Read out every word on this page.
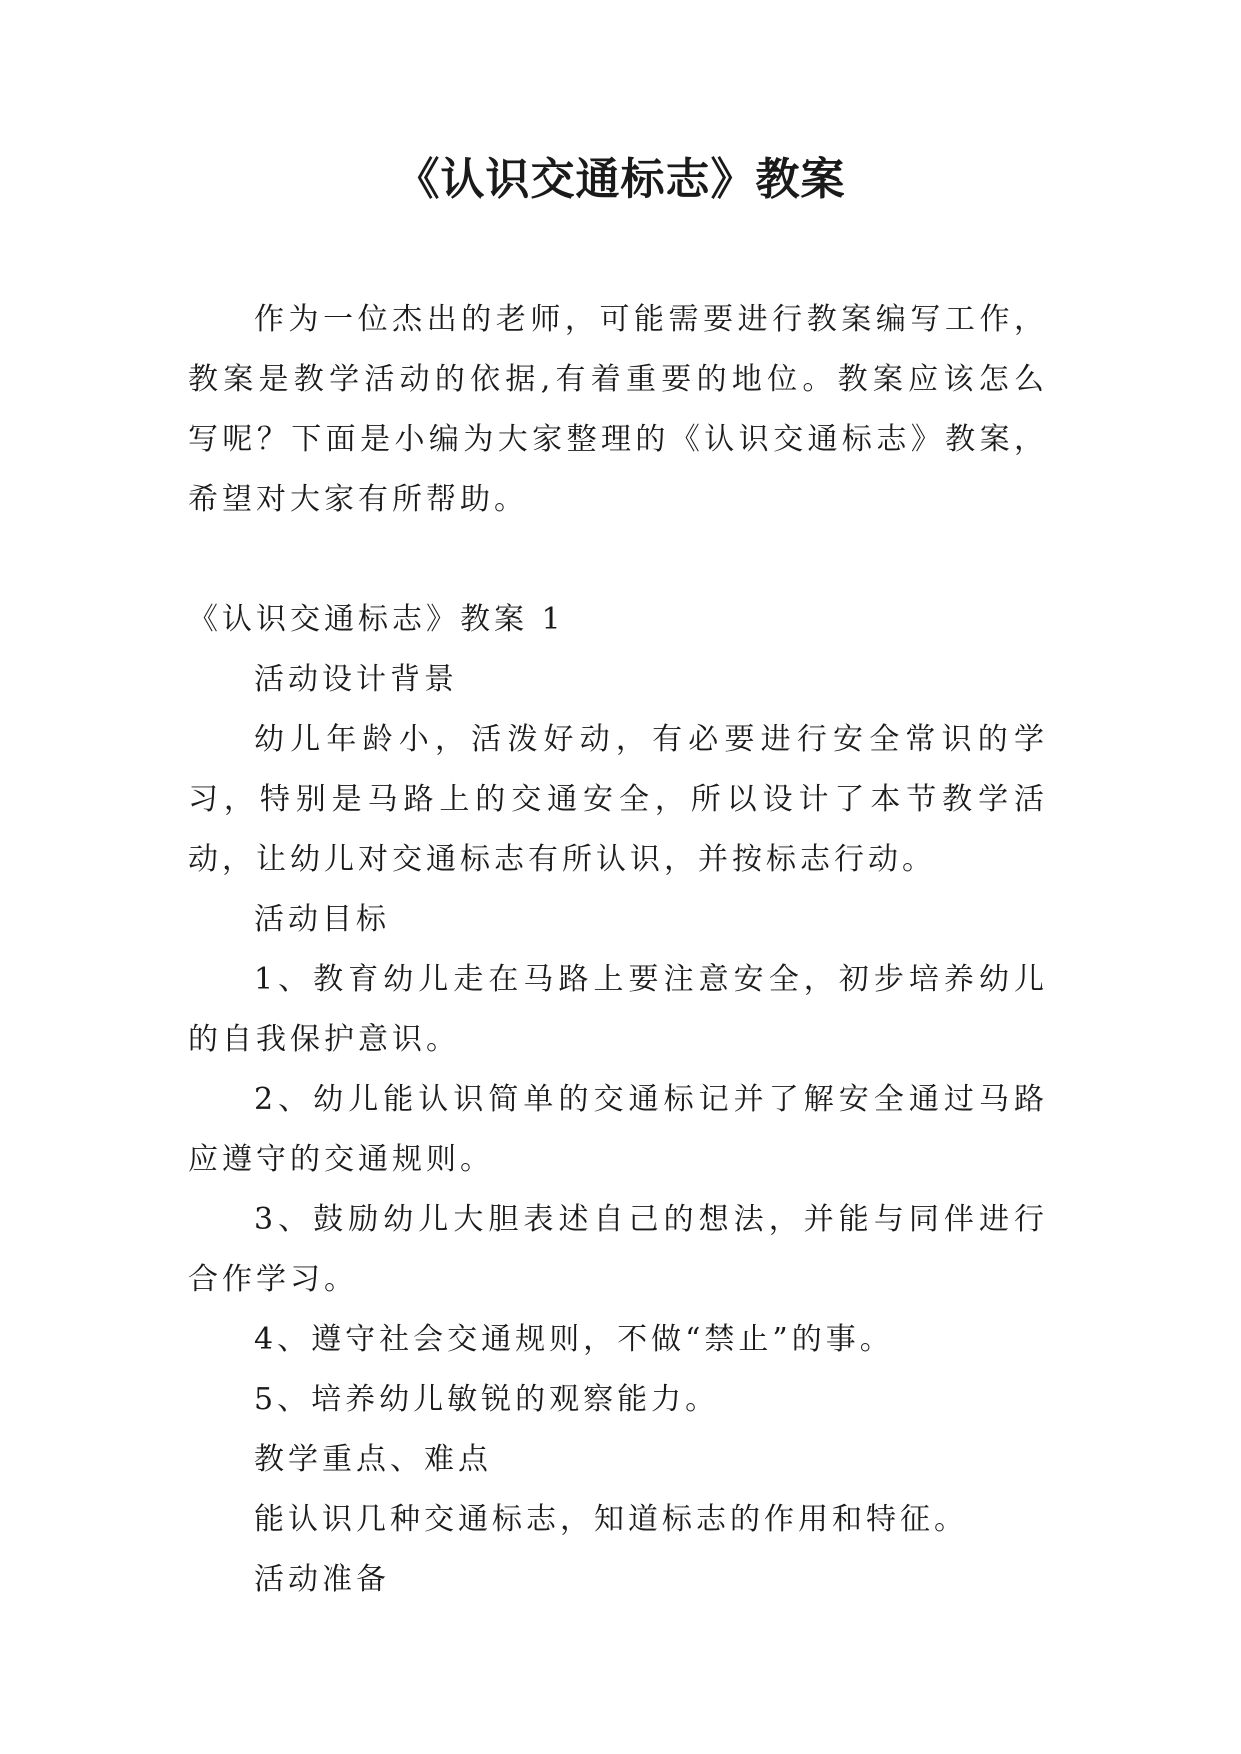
《认识交通标志》教案

作为一位杰出的老师，可能需要进行教案编写工作，教案是教学活动的依据,有着重要的地位。教案应该怎么写呢？下面是小编为大家整理的《认识交通标志》教案，希望对大家有所帮助。

《认识交通标志》教案 1

活动设计背景

幼儿年龄小，活泼好动，有必要进行安全常识的学习，特别是马路上的交通安全，所以设计了本节教学活动，让幼儿对交通标志有所认识，并按标志行动。

活动目标

1、教育幼儿走在马路上要注意安全，初步培养幼儿的自我保护意识。

2、幼儿能认识简单的交通标记并了解安全通过马路应遵守的交通规则。

3、鼓励幼儿大胆表述自己的想法，并能与同伴进行合作学习。

4、遵守社会交通规则，不做“禁止”的事。

5、培养幼儿敏锐的观察能力。

教学重点、难点

能认识几种交通标志，知道标志的作用和特征。

活动准备
